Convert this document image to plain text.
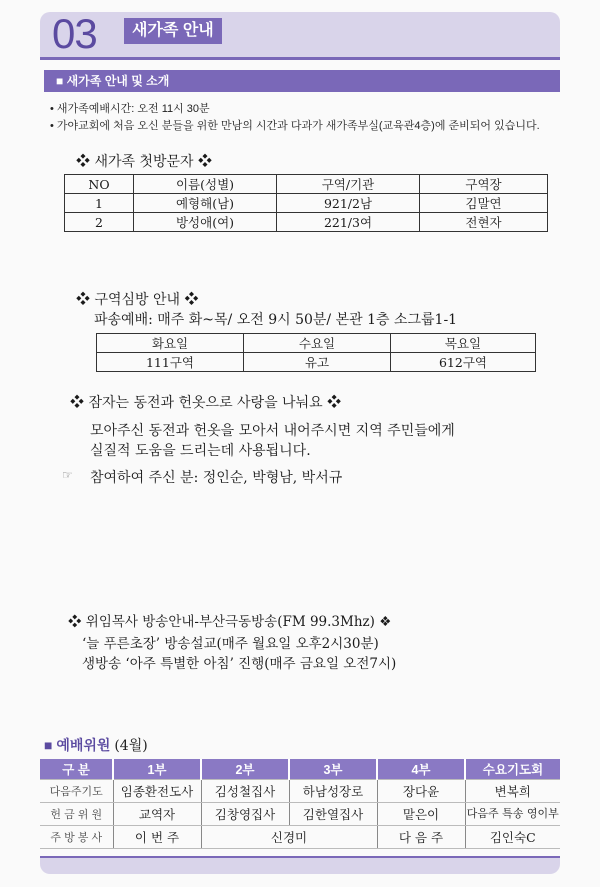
03	새가족 안내
■ 새가족 안내 및 소개
• 새가족예배시간: 오전 11시 30분
• 가야교회에 처음 오신 분들을 위한 만남의 시간과 다과가 새가족부실(교육관4층)에 준비되어 있습니다.
❖ 새가족 첫방문자 ❖
NO	이름(성별)	구역/기관	구역장
1	예형해(남)	921/2남	김말연
2	방성애(여)	221/3여	전현자
❖ 구역심방 안내 ❖
파송예배: 매주 화~목/ 오전 9시 50분/ 본관 1층 소그룹1-1
화요일	수요일	목요일
111구역	유고	612구역
❖ 잠자는 동전과 헌옷으로 사랑을 나눠요 ❖
모아주신 동전과 헌옷을 모아서 내어주시면 지역 주민들에게
실질적 도움을 드리는데 사용됩니다.
☞ 참여하여 주신 분: 정인순, 박형남, 박서규
❖ 위임목사 방송안내-부산극동방송(FM 99.3Mhz) ❖
‘늘 푸른초장’ 방송설교(매주 월요일 오후2시30분)
생방송 ‘아주 특별한 아침’ 진행(매주 금요일 오전7시)
■ 예배위원 (4월)
구 분	1부	2부	3부	4부	수요기도회
다음주기도	임종환전도사	김성철집사	하남성장로	장다윤	변복희
헌 금 위 원	교역자	김창영집사	김한열집사	맡은이	다음주 특송 영이부
주 방 봉 사	이 번 주	신경미		다 음 주	김인숙C
